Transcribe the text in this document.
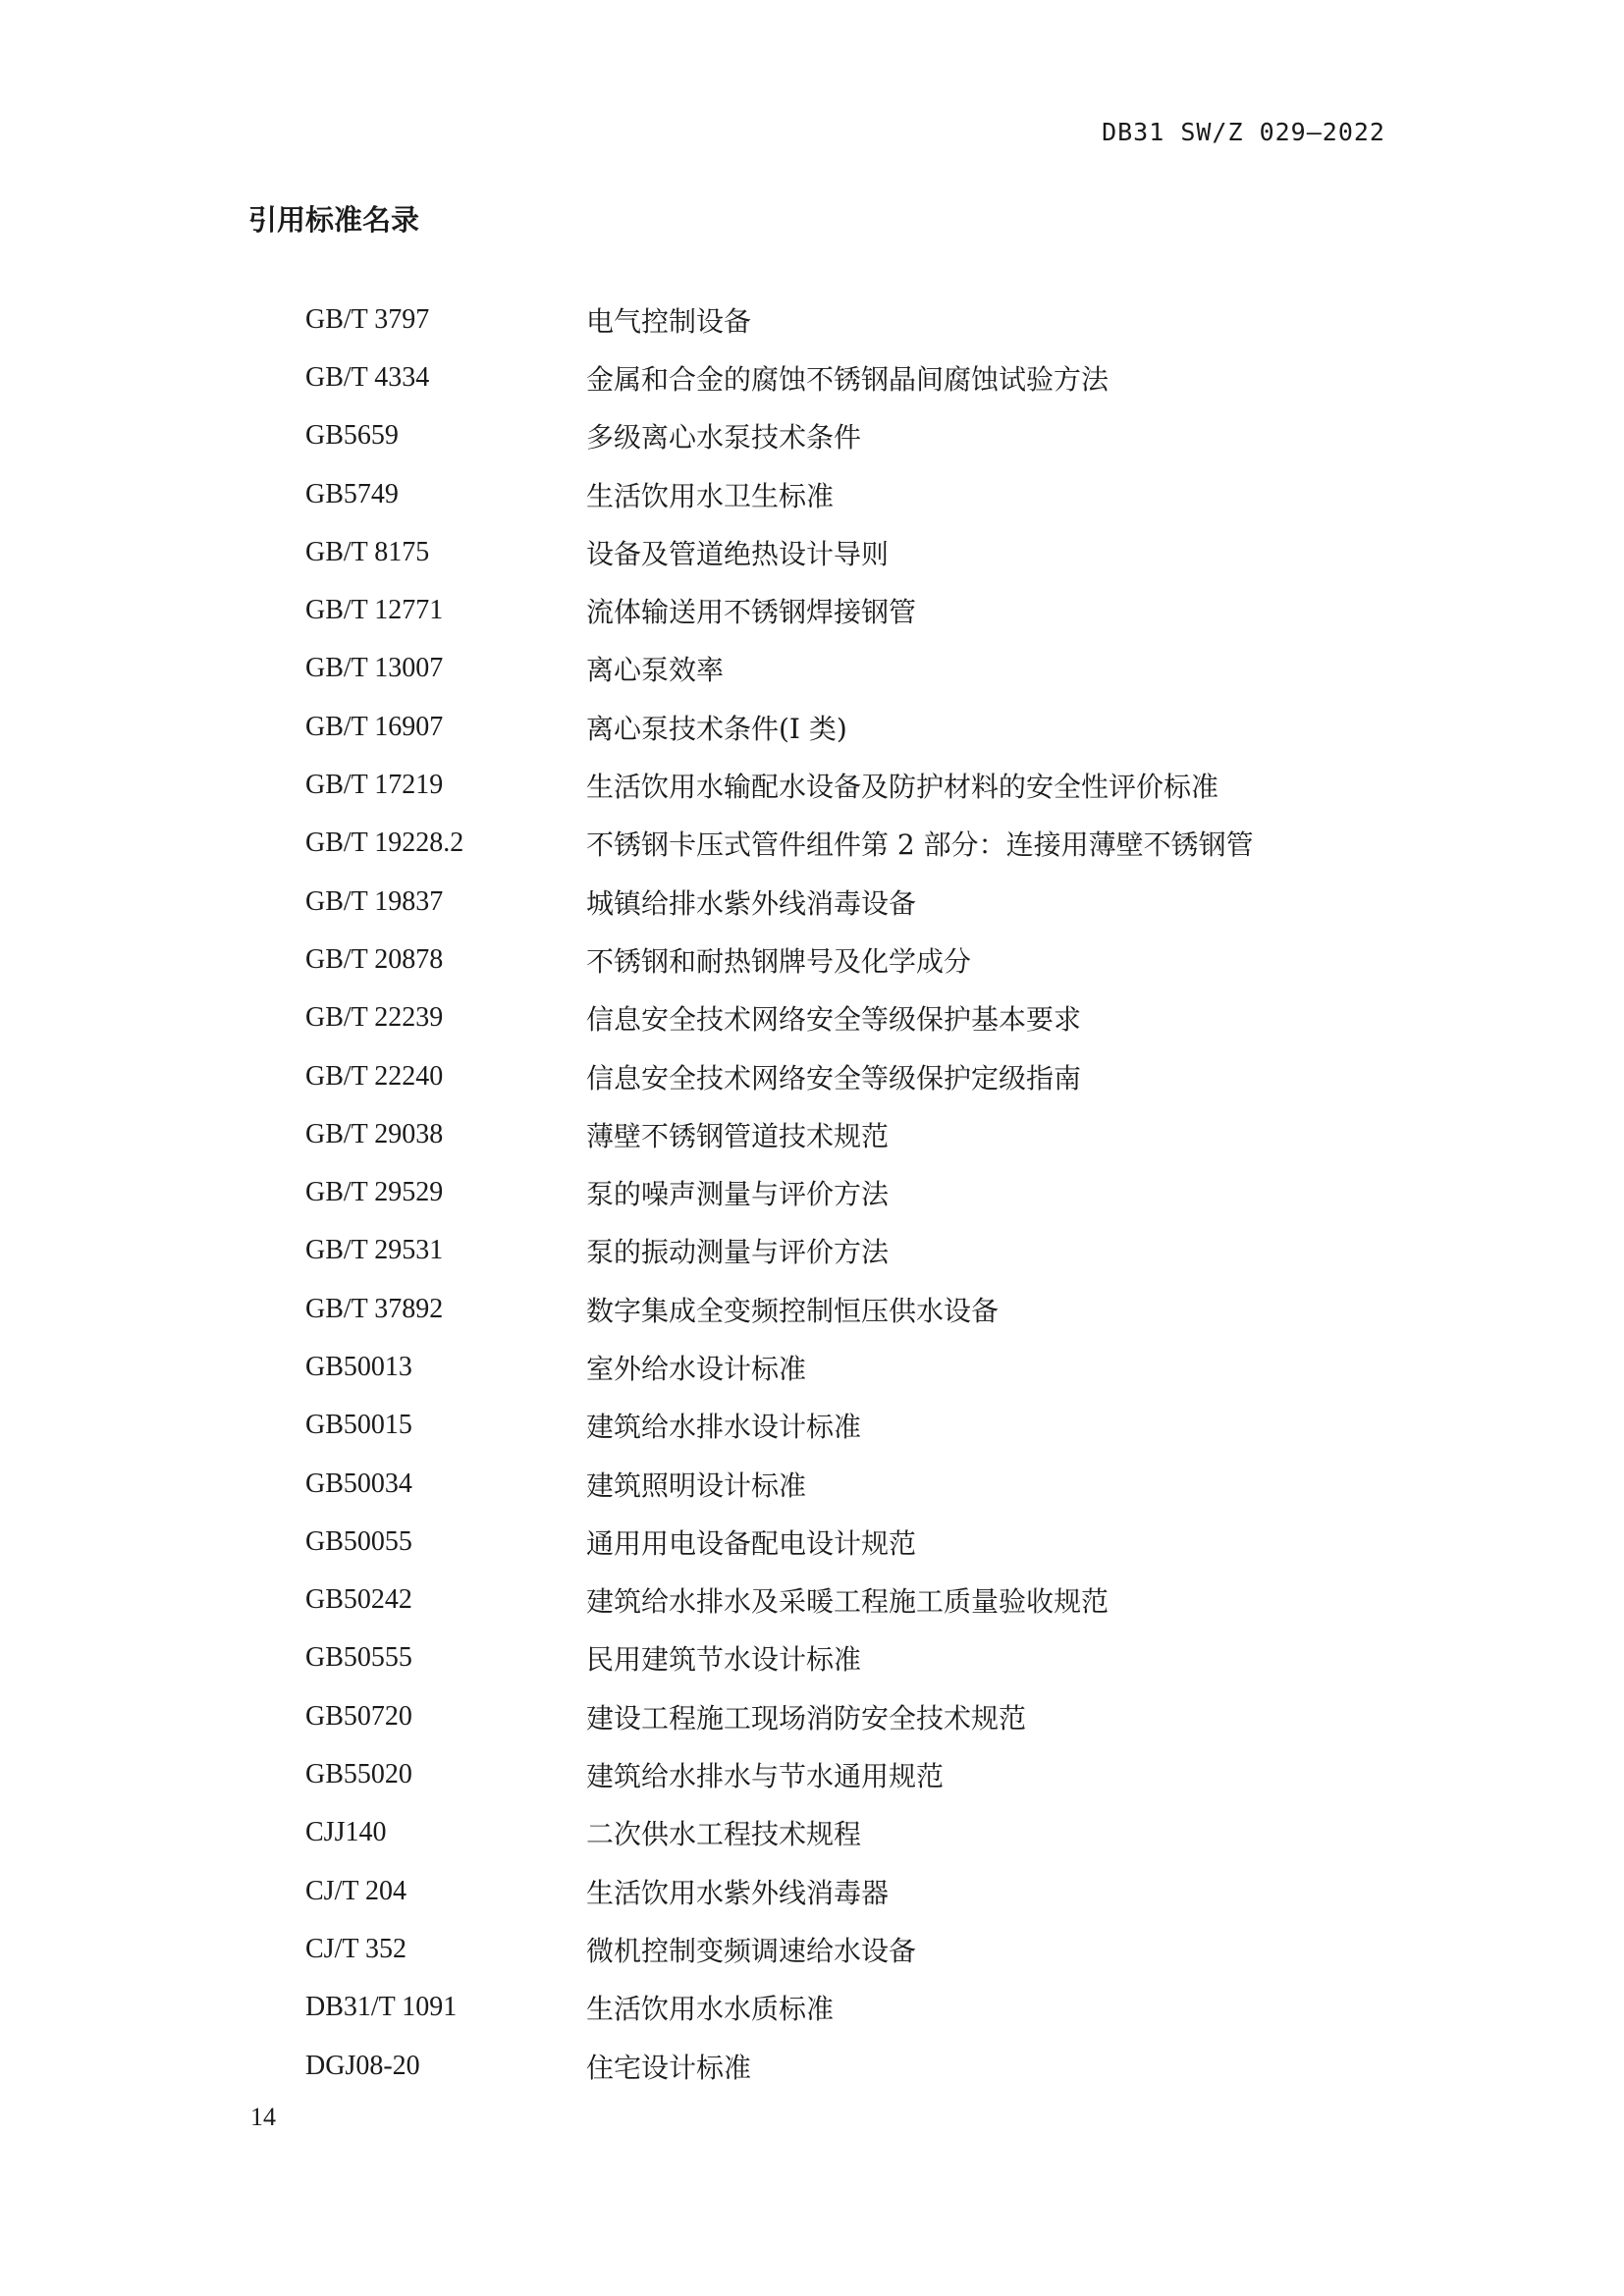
DB31 SW/Z 029—2022
引用标准名录
GB/T 3797	电气控制设备
GB/T 4334	金属和合金的腐蚀不锈钢晶间腐蚀试验方法
GB5659	多级离心水泵技术条件
GB5749	生活饮用水卫生标准
GB/T 8175	设备及管道绝热设计导则
GB/T 12771	流体输送用不锈钢焊接钢管
GB/T 13007	离心泵效率
GB/T 16907	离心泵技术条件(I 类)
GB/T 17219	生活饮用水输配水设备及防护材料的安全性评价标准
GB/T 19228.2	不锈钢卡压式管件组件第 2 部分：连接用薄壁不锈钢管
GB/T 19837	城镇给排水紫外线消毒设备
GB/T 20878	不锈钢和耐热钢牌号及化学成分
GB/T 22239	信息安全技术网络安全等级保护基本要求
GB/T 22240	信息安全技术网络安全等级保护定级指南
GB/T 29038	薄壁不锈钢管道技术规范
GB/T 29529	泵的噪声测量与评价方法
GB/T 29531	泵的振动测量与评价方法
GB/T 37892	数字集成全变频控制恒压供水设备
GB50013	室外给水设计标准
GB50015	建筑给水排水设计标准
GB50034	建筑照明设计标准
GB50055	通用用电设备配电设计规范
GB50242	建筑给水排水及采暖工程施工质量验收规范
GB50555	民用建筑节水设计标准
GB50720	建设工程施工现场消防安全技术规范
GB55020	建筑给水排水与节水通用规范
CJJ140	二次供水工程技术规程
CJ/T 204	生活饮用水紫外线消毒器
CJ/T 352	微机控制变频调速给水设备
DB31/T 1091	生活饮用水水质标准
DGJ08-20	住宅设计标准
14
